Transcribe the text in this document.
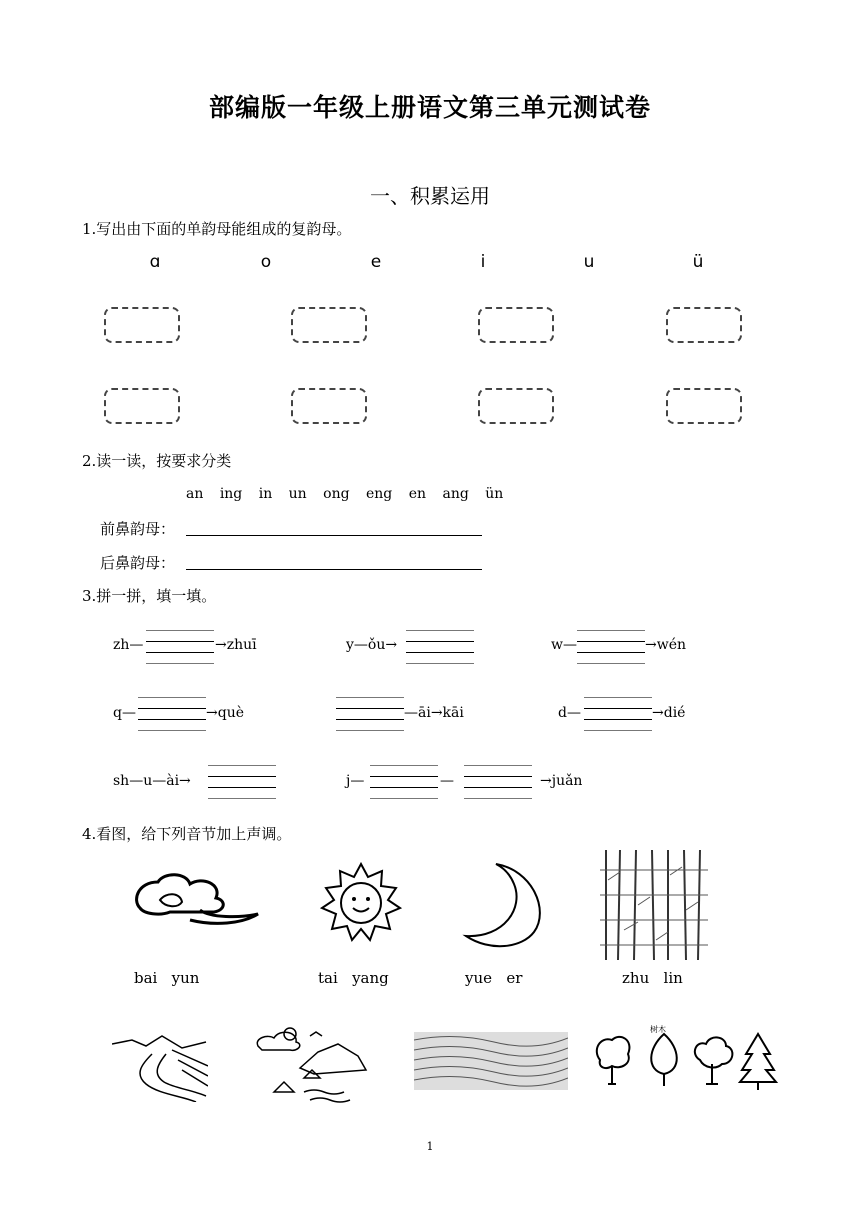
部编版一年级上册语文第三单元测试卷
一、积累运用
1.写出由下面的单韵母能组成的复韵母。
ɑ	o	e	i	u	ü
2.读一读，按要求分类
an ing in un ong eng en ang ün
前鼻韵母：
后鼻韵母：
3.拼一拼，填一填。
zh—	→zhuī	y—ǒu→	w—	→wén
q—	→què	—āi→kāi	d—	→dié
sh—u—ài→	j—	—	→juǎn
4.看图，给下列音节加上声调。
bai   yun	tai   yang	yue   er	zhu   lin
树木
1
